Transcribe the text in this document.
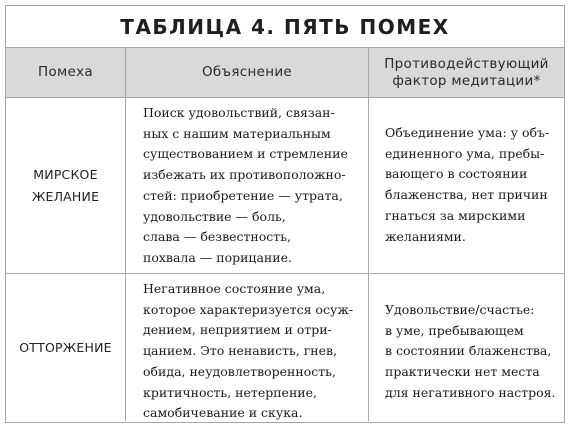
ТАБЛИЦА 4. ПЯТЬ ПОМЕХ
Помеха	Объяснение
Противодействующий
фактор медитации*
МИРСКОЕ
ЖЕЛАНИЕ
Поиск удовольствий, связан-
ных с нашим материальным
существованием и стремление
избежать их противоположно-
стей: приобретение — утрата,
удовольствие — боль,
слава — безвестность,
похвала — порицание.
Объединение ума: у объ-
единенного ума, пребы-
вающего в состоянии
блаженства, нет причин
гнаться за мирскими
желаниями.
ОТТОРЖЕНИЕ
Негативное состояние ума,
которое характеризуется осуж-
дением, неприятием и отри-
цанием. Это ненависть, гнев,
обида, неудовлетворенность,
критичность, нетерпение,
самобичевание и скука.
Удовольствие/счастье:
в уме, пребывающем
в состоянии блаженства,
практически нет места
для негативного настроя.
